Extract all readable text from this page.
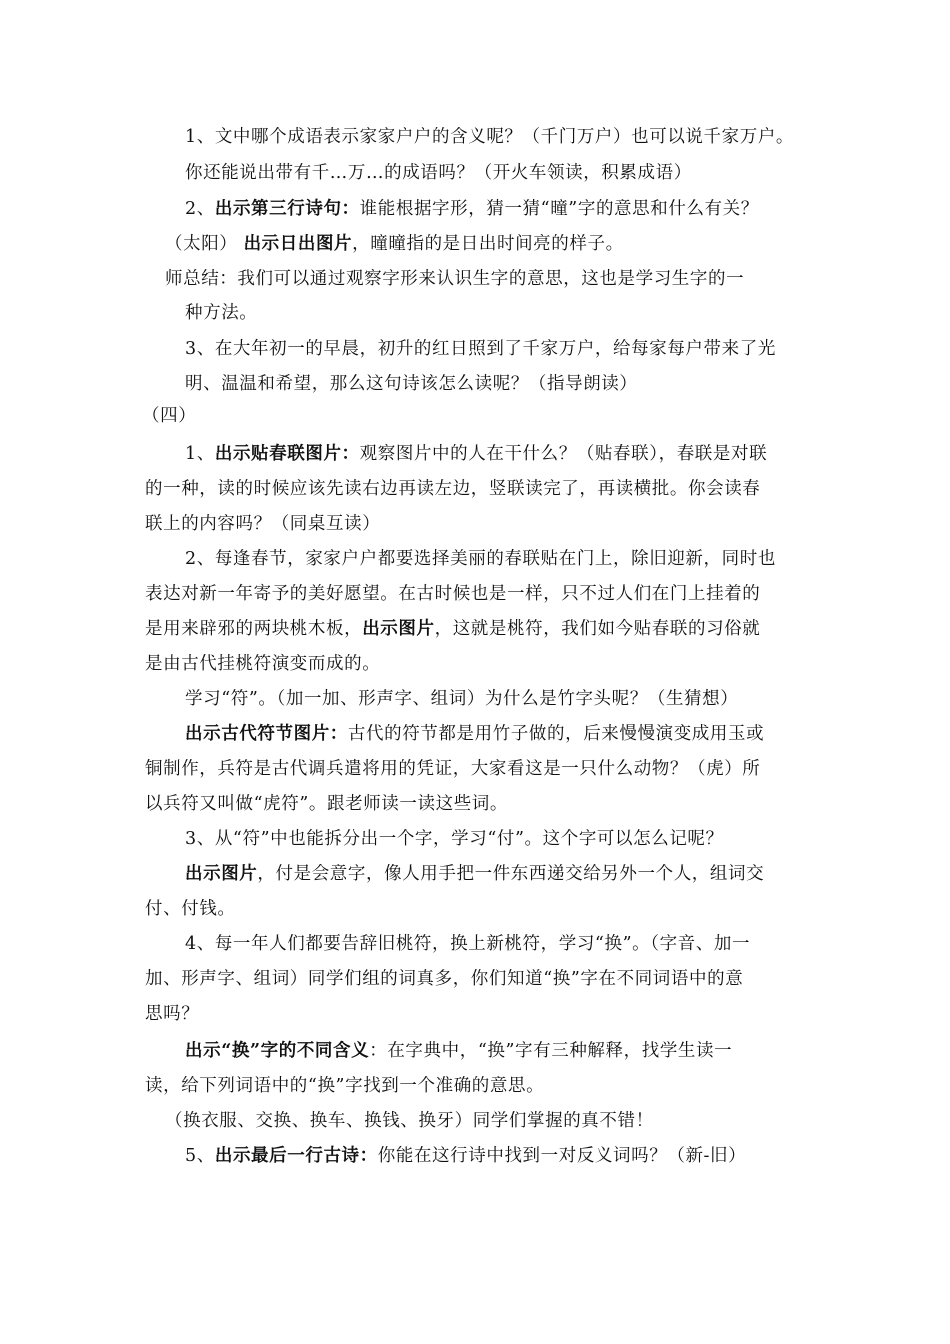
1、文中哪个成语表示家家户户的含义呢？（千门万户）也可以说千家万户。
你还能说出带有千…万…的成语吗？（开火车领读，积累成语）
2、出示第三行诗句：谁能根据字形，猜一猜“曈”字的意思和什么有关？
（太阳） 出示日出图片，曈曈指的是日出时间亮的样子。
师总结：我们可以通过观察字形来认识生字的意思，这也是学习生字的一
种方法。
3、在大年初一的早晨，初升的红日照到了千家万户，给每家每户带来了光
明、温温和希望，那么这句诗该怎么读呢？（指导朗读）
（四）
1、出示贴春联图片：观察图片中的人在干什么？（贴春联），春联是对联
的一种，读的时候应该先读右边再读左边，竖联读完了，再读横批。你会读春
联上的内容吗？（同桌互读）
2、每逢春节，家家户户都要选择美丽的春联贴在门上，除旧迎新，同时也
表达对新一年寄予的美好愿望。在古时候也是一样，只不过人们在门上挂着的
是用来辟邪的两块桃木板，出示图片，这就是桃符，我们如今贴春联的习俗就
是由古代挂桃符演变而成的。
学习“符”。（加一加、形声字、组词）为什么是竹字头呢？（生猜想）
出示古代符节图片：古代的符节都是用竹子做的，后来慢慢演变成用玉或
铜制作，兵符是古代调兵遣将用的凭证，大家看这是一只什么动物？（虎）所
以兵符又叫做“虎符”。跟老师读一读这些词。
3、从“符”中也能拆分出一个字，学习“付”。这个字可以怎么记呢？
出示图片，付是会意字，像人用手把一件东西递交给另外一个人，组词交
付、付钱。
4、每一年人们都要告辞旧桃符，换上新桃符，学习“换”。（字音、加一
加、形声字、组词）同学们组的词真多，你们知道“换”字在不同词语中的意
思吗？
出示“换”字的不同含义：在字典中，“换”字有三种解释，找学生读一
读，给下列词语中的“换”字找到一个准确的意思。
（换衣服、交换、换车、换钱、换牙）同学们掌握的真不错！
5、出示最后一行古诗：你能在这行诗中找到一对反义词吗？（新-旧）
